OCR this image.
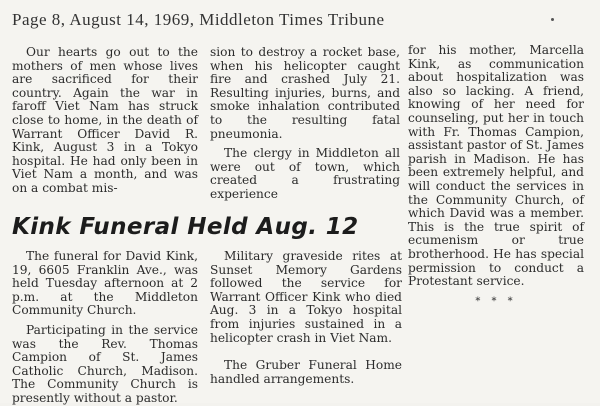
Page 8, August 14, 1969, Middleton Times Tribune

Our hearts go out to the mothers of men whose lives are sacrificed for their country. Again the war in faroff Viet Nam has struck close to home, in the death of Warrant Officer David R. Kink, August 3 in a Tokyo hospital. He had only been in Viet Nam a month, and was on a combat mis-

sion to destroy a rocket base, when his helicopter caught fire and crashed July 21. Resulting injuries, burns, and smoke inhalation contributed to the resulting fatal pneumonia.

The clergy in Middleton all were out of town, which created a frustrating experience

for his mother, Marcella Kink, as communication about hospitalization was also so lacking. A friend, knowing of her need for counseling, put her in touch with Fr. Thomas Campion, assistant pastor of St. James parish in Madison. He has been extremely helpful, and will conduct the services in the Community Church, of which David was a member. This is the true spirit of ecumenism or true brotherhood. He has special permission to conduct a Protestant service.

* * *

Kink Funeral Held Aug. 12

The funeral for David Kink, 19, 6605 Franklin Ave., was held Tuesday afternoon at 2 p.m. at the Middleton Community Church.

Participating in the service was the Rev. Thomas Campion of St. James Catholic Church, Madison. The Community Church is presently without a pastor.

Military graveside rites at Sunset Memory Gardens followed the service for Warrant Officer Kink who died Aug. 3 in a Tokyo hospital from injuries sustained in a helicopter crash in Viet Nam.

The Gruber Funeral Home handled arrangements.
